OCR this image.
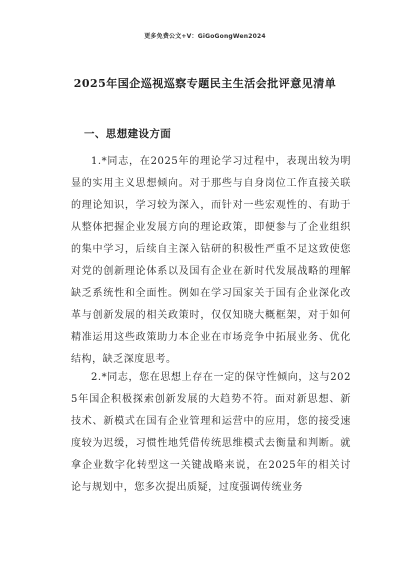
更多免费公文+V：GiGoGongWen2024
2025年国企巡视巡察专题民主生活会批评意见清单
一、思想建设方面

1.*同志，在2025年的理论学习过程中，表现出较为明显的实用主义思想倾向。对于那些与自身岗位工作直接关联的理论知识，学习较为深入，而针对一些宏观性的、有助于从整体把握企业发展方向的理论政策，即便参与了企业组织的集中学习，后续自主深入钻研的积极性严重不足这致使您对党的创新理论体系以及国有企业在新时代发展战略的理解缺乏系统性和全面性。例如在学习国家关于国有企业深化改革与创新发展的相关政策时，仅仅知晓大概框架，对于如何精准运用这些政策助力本企业在市场竞争中拓展业务、优化结构，缺乏深度思考。

2.*同志，您在思想上存在一定的保守性倾向，这与2025年国企积极探索创新发展的大趋势不符。面对新思想、新技术、新模式在国有企业管理和运营中的应用，您的接受速度较为迟缓，习惯性地凭借传统思维模式去衡量和判断。就拿企业数字化转型这一关键战略来说，在2025年的相关讨论与规划中，您多次提出质疑，过度强调传统业务
